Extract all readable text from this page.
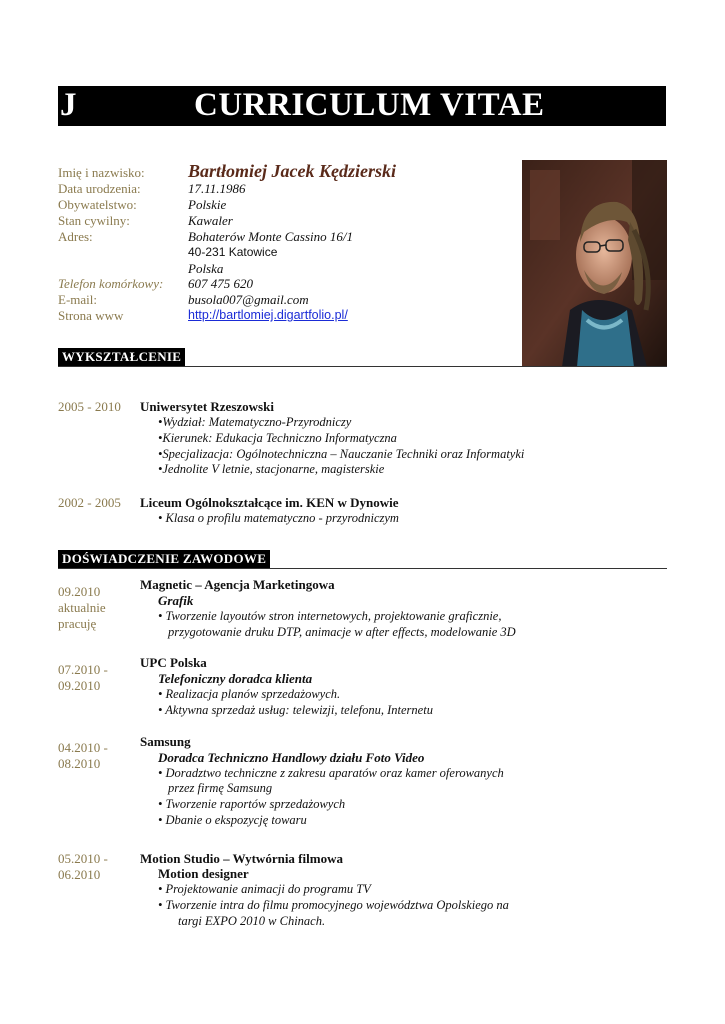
J	CURRICULUM VITAE
Imię i nazwisko: Bartłomiej Jacek Kędzierski
Data urodzenia:	17.11.1986
Obywatelstwo:	Polskie
Stan cywilny:	Kawaler
Adres:	Bohaterów Monte Cassino 16/1
40-231 Katowice
Polska
Telefon komórkowy: 607 475 620
E-mail:	busola007@gmail.com
Strona www	http://bartlomiej.digartfolio.pl/
WYKSZTAŁCENIE
2005 - 2010 Uniwersytet Rzeszowski
•Wydział: Matematyczno-Przyrodniczy
•Kierunek: Edukacja Techniczno Informatyczna
•Specjalizacja: Ogólnotechniczna – Nauczanie Techniki oraz Informatyki
•Jednolite V letnie, stacjonarne, magisterskie
2002 - 2005 Liceum Ogólnokształcące im. KEN w Dynowie
• Klasa o profilu matematyczno - przyrodniczym
DOŚWIADCZENIE ZAWODOWE
09.2010
aktualnie
pracuję
Magnetic – Agencja Marketingowa
Grafik
• Tworzenie layoutów stron internetowych, projektowanie graficznie,
przygotowanie druku DTP, animacje w after effects, modelowanie 3D
07.2010 -
09.2010
UPC Polska
Telefoniczny doradca klienta
• Realizacja planów sprzedażowych.
• Aktywna sprzedaż usług: telewizji, telefonu, Internetu
04.2010 -
08.2010
Samsung
Doradca Techniczno Handlowy działu Foto Video
• Doradztwo techniczne z zakresu aparatów oraz kamer oferowanych
przez firmę Samsung
• Tworzenie raportów sprzedażowych
• Dbanie o ekspozycję towaru
05.2010 -
06.2010
Motion Studio – Wytwórnia filmowa
Motion designer
• Projektowanie animacji do programu TV
• Tworzenie intra do filmu promocyjnego województwa Opolskiego na
targi EXPO 2010 w Chinach.
